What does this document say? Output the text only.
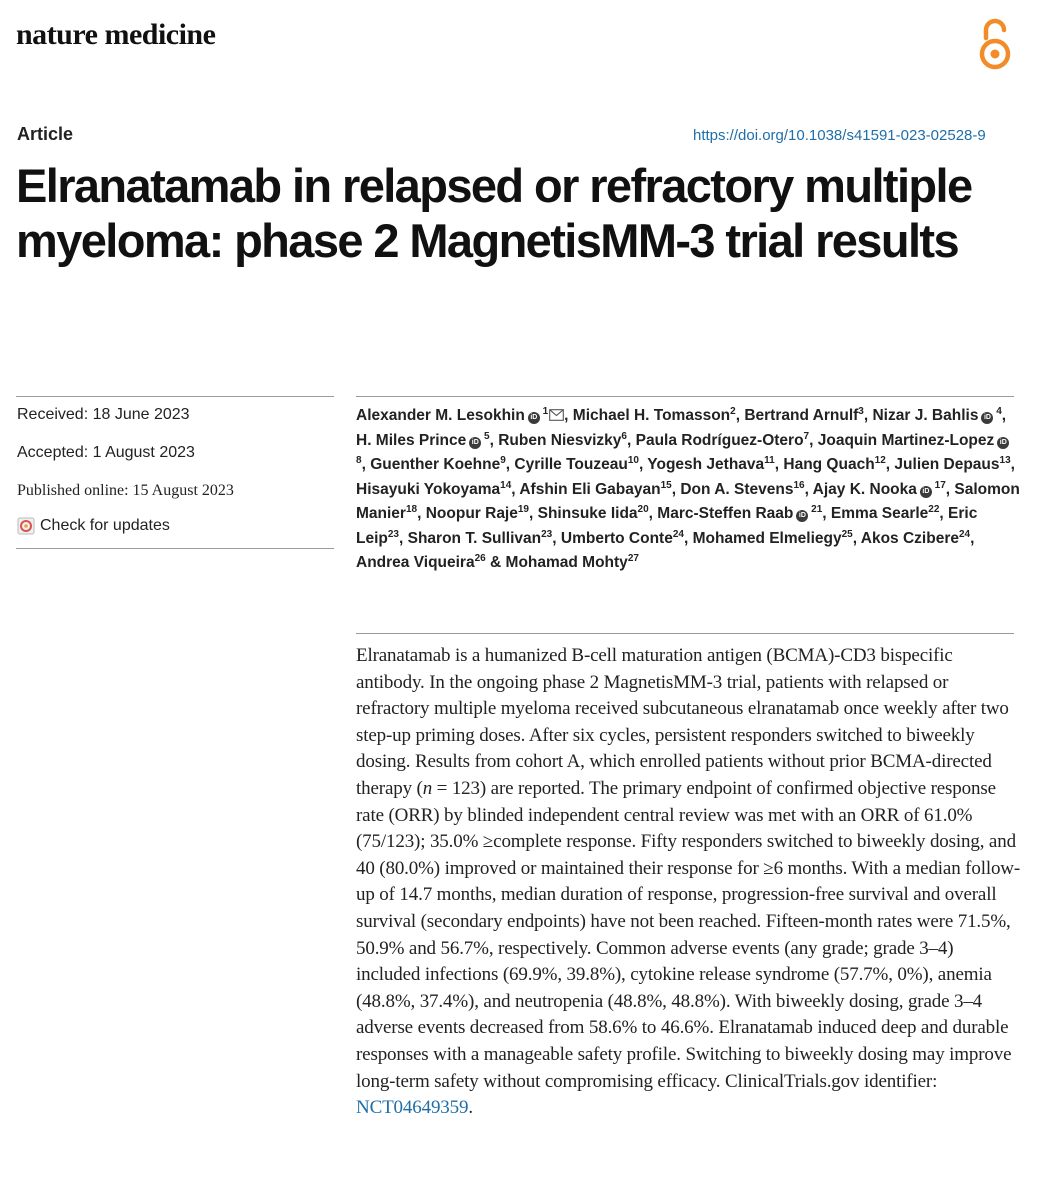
nature medicine
Article	https://doi.org/10.1038/s41591-023-02528-9
Elranatamab in relapsed or refractory multiple myeloma: phase 2 MagnetisMM-3 trial results
Received: 18 June 2023
Accepted: 1 August 2023
Published online: 15 August 2023
Check for updates

Alexander M. Lesokhin iD $^1$ , Michael H. Tomasson$^2$, Bertrand Arnulf$^3$, Nizar J. Bahlis iD $^4$, H. Miles Prince iD $^5$, Ruben Niesvizky$^6$, Paula Rodríguez-Otero$^7$, Joaquin Martinez-Lopez iD $^8$, Guenther Koehne$^9$, Cyrille Touzeau$^{10}$, Yogesh Jethava$^{11}$, Hang Quach$^{12}$, Julien Depaus$^{13}$, Hisayuki Yokoyama$^{14}$, Afshin Eli Gabayan$^{15}$, Don A. Stevens$^{16}$, Ajay K. Nooka iD $^{17}$, Salomon Manier$^{18}$, Noopur Raje$^{19}$, Shinsuke Iida$^{20}$, Marc-Steffen Raab iD $^{21}$, Emma Searle$^{22}$, Eric Leip$^{23}$, Sharon T. Sullivan$^{23}$, Umberto Conte$^{24}$, Mohamed Elmeliegy$^{25}$, Akos Czibere$^{24}$, Andrea Viqueira$^{26}$ & Mohamad Mohty$^{27}$

Elranatamab is a humanized B-cell maturation antigen (BCMA)-CD3 bispecific antibody. In the ongoing phase 2 MagnetisMM-3 trial, patients with relapsed or refractory multiple myeloma received subcutaneous elranatamab once weekly after two step-up priming doses. After six cycles, persistent responders switched to biweekly dosing. Results from cohort A, which enrolled patients without prior BCMA-directed therapy (n = 123) are reported. The primary endpoint of confirmed objective response rate (ORR) by blinded independent central review was met with an ORR of 61.0% (75/123); 35.0% ≥complete response. Fifty responders switched to biweekly dosing, and 40 (80.0%) improved or maintained their response for ≥6 months. With a median follow-up of 14.7 months, median duration of response, progression-free survival and overall survival (secondary endpoints) have not been reached. Fifteen-month rates were 71.5%, 50.9% and 56.7%, respectively. Common adverse events (any grade; grade 3–4) included infections (69.9%, 39.8%), cytokine release syndrome (57.7%, 0%), anemia (48.8%, 37.4%), and neutropenia (48.8%, 48.8%). With biweekly dosing, grade 3–4 adverse events decreased from 58.6% to 46.6%. Elranatamab induced deep and durable responses with a manageable safety profile. Switching to biweekly dosing may improve long-term safety without compromising efficacy. ClinicalTrials.gov identifier: NCT04649359.
